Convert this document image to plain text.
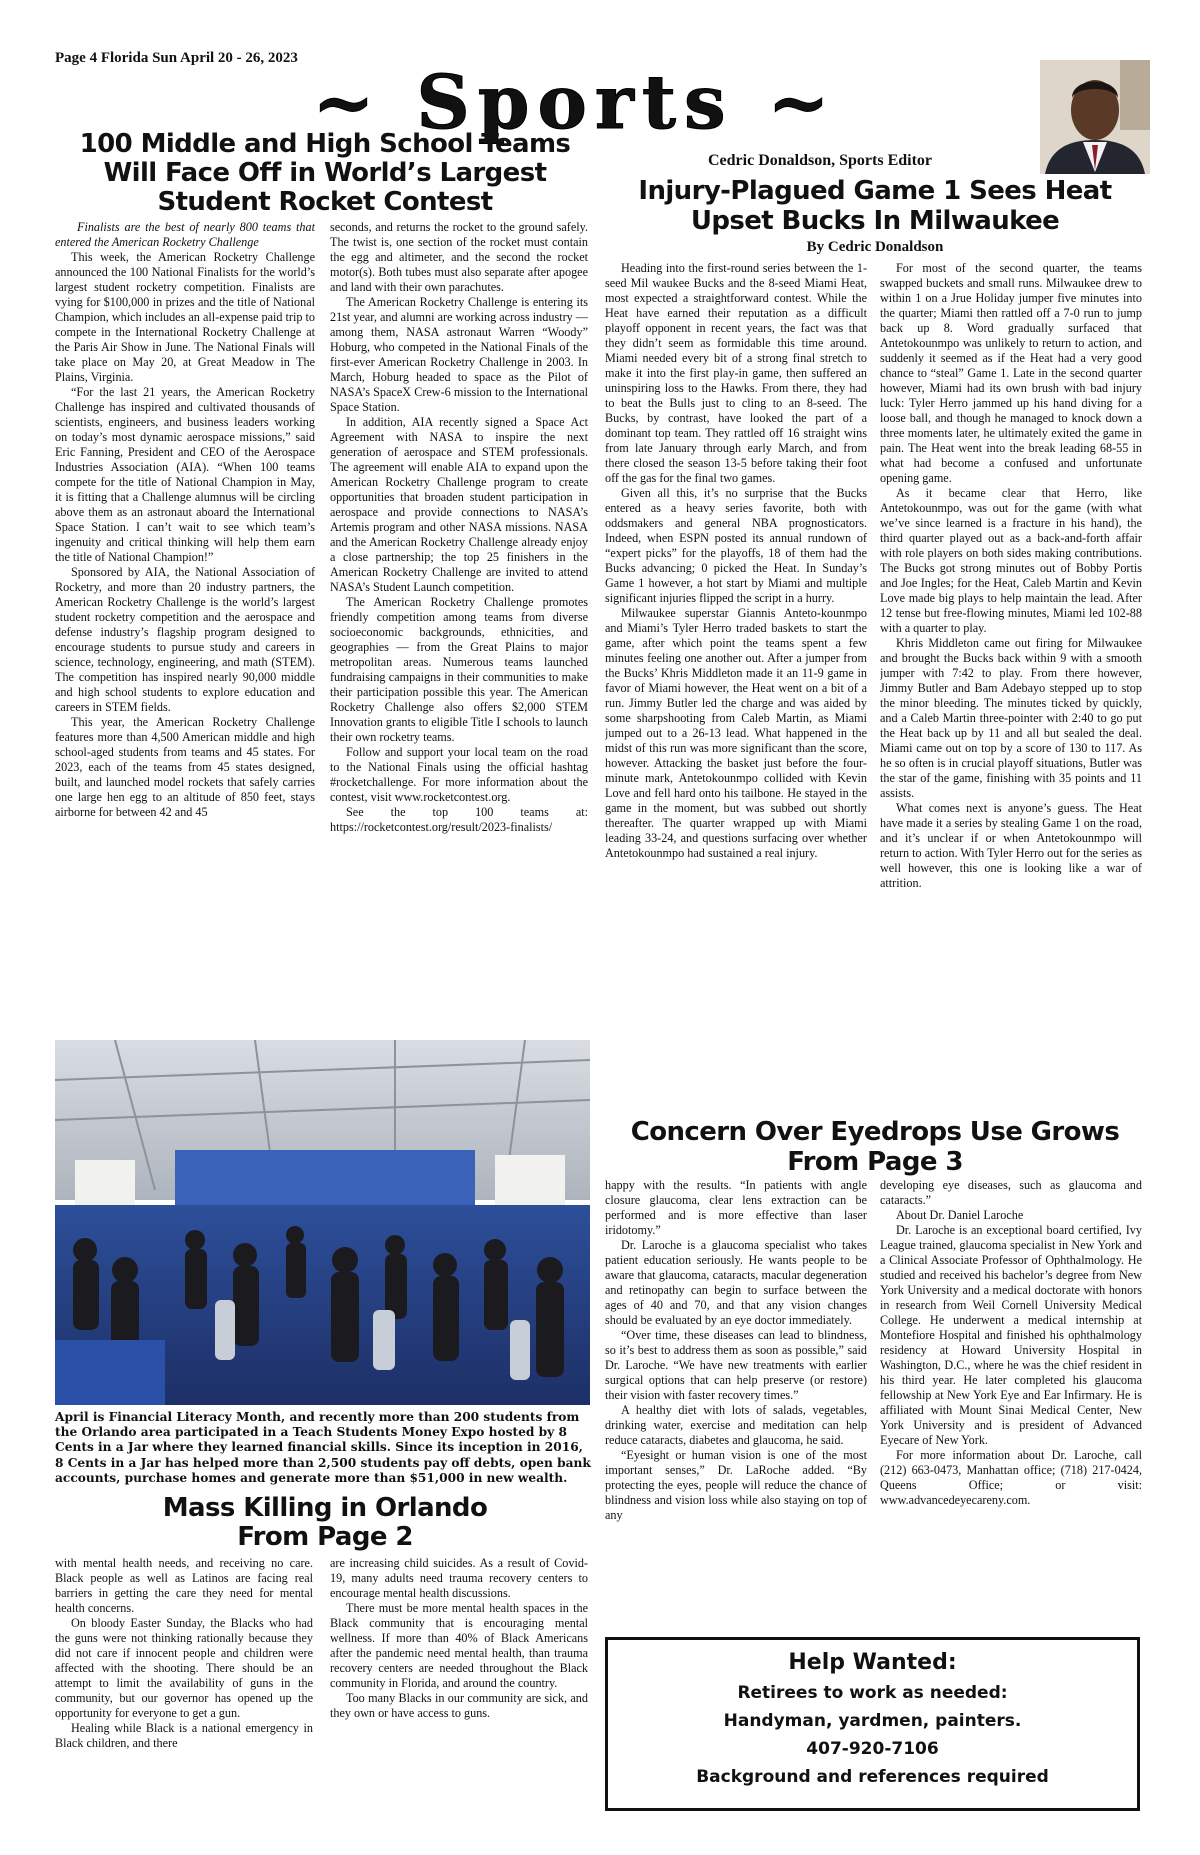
Page 4 Florida Sun April 20 - 26, 2023
~ Sports ~
Cedric Donaldson, Sports Editor
100 Middle and High School Teams
Will Face Off in World’s Largest
Student Rocket Contest

Finalists are the best of nearly 800 teams that entered the American Rocketry Challenge

This week, the American Rocketry Challenge announced the 100 National Finalists for the world’s largest student rocketry competition. Finalists are vying for $100,000 in prizes and the title of National Champion, which includes an all-expense paid trip to compete in the International Rocketry Challenge at the Paris Air Show in June. The National Finals will take place on May 20, at Great Meadow in The Plains, Virginia.

“For the last 21 years, the American Rocketry Challenge has inspired and cultivated thousands of scientists, engineers, and business leaders working on today’s most dynamic aerospace missions,” said Eric Fanning, President and CEO of the Aerospace Industries Association (AIA). “When 100 teams compete for the title of National Champion in May, it is fitting that a Challenge alumnus will be circling above them as an astronaut aboard the International Space Station. I can’t wait to see which team’s ingenuity and critical thinking will help them earn the title of National Champion!”

Sponsored by AIA, the National Association of Rocketry, and more than 20 industry partners, the American Rocketry Challenge is the world’s largest student rocketry competition and the aerospace and defense industry’s flagship program designed to encourage students to pursue study and careers in science, technology, engineering, and math (STEM). The competition has inspired nearly 90,000 middle and high school students to explore education and careers in STEM fields.

This year, the American Rocketry Challenge features more than 4,500 American middle and high school-aged students from teams and 45 states. For 2023, each of the teams from 45 states designed, built, and launched model rockets that safely carries one large hen egg to an altitude of 850 feet, stays airborne for between 42 and 45

seconds, and returns the rocket to the ground safely. The twist is, one section of the rocket must contain the egg and altimeter, and the second the rocket motor(s). Both tubes must also separate after apogee and land with their own parachutes.

The American Rocketry Challenge is entering its 21st year, and alumni are working across industry — among them, NASA astronaut Warren “Woody” Hoburg, who competed in the National Finals of the first-ever American Rocketry Challenge in 2003. In March, Hoburg headed to space as the Pilot of NASA’s SpaceX Crew-6 mission to the International Space Station.

In addition, AIA recently signed a Space Act Agreement with NASA to inspire the next generation of aerospace and STEM professionals. The agreement will enable AIA to expand upon the American Rocketry Challenge program to create opportunities that broaden student participation in aerospace and provide connections to NASA’s Artemis program and other NASA missions. NASA and the American Rocketry Challenge already enjoy a close partnership; the top 25 finishers in the American Rocketry Challenge are invited to attend NASA’s Student Launch competition.

The American Rocketry Challenge promotes friendly competition among teams from diverse socioeconomic backgrounds, ethnicities, and geographies — from the Great Plains to major metropolitan areas. Numerous teams launched fundraising campaigns in their communities to make their participation possible this year. The American Rocketry Challenge also offers $2,000 STEM Innovation grants to eligible Title I schools to launch their own rocketry teams.

Follow and support your local team on the road to the National Finals using the official hashtag #rocketchallenge. For more information about the contest, visit www.rocketcontest.org.

See the top 100 teams at: https://rocketcontest.org/result/2023-finalists/

April is Financial Literacy Month, and recently more than 200 students from the Orlando area participated in a Teach Students Money Expo hosted by 8 Cents in a Jar where they learned financial skills. Since its inception in 2016, 8 Cents in a Jar has helped more than 2,500 students pay off debts, open bank accounts, purchase homes and generate more than $51,000 in new wealth.
Mass Killing in Orlando
From Page 2

with mental health needs, and receiving no care. Black people as well as Latinos are facing real barriers in getting the care they need for mental health concerns.

On bloody Easter Sunday, the Blacks who had the guns were not thinking rationally because they did not care if innocent people and children were affected with the shooting. There should be an attempt to limit the availability of guns in the community, but our governor has opened up the opportunity for everyone to get a gun.

Healing while Black is a national emergency in Black children, and there

are increasing child suicides. As a result of Covid-19, many adults need trauma recovery centers to encourage mental health discussions.

There must be more mental health spaces in the Black community that is encouraging mental wellness. If more than 40% of Black Americans after the pandemic need mental health, than trauma recovery centers are needed throughout the Black community in Florida, and around the country.

Too many Blacks in our community are sick, and they own or have access to guns.

Injury-Plagued Game 1 Sees Heat
Upset Bucks In Milwaukee
By Cedric Donaldson

Heading into the first-round series between the 1-seed Mil waukee Bucks and the 8-seed Miami Heat, most expected a straightforward contest. While the Heat have earned their reputation as a difficult playoff opponent in recent years, the fact was that they didn’t seem as formidable this time around. Miami needed every bit of a strong final stretch to make it into the first play-in game, then suffered an uninspiring loss to the Hawks. From there, they had to beat the Bulls just to cling to an 8-seed. The Bucks, by contrast, have looked the part of a dominant top team. They rattled off 16 straight wins from late January through early March, and from there closed the season 13-5 before taking their foot off the gas for the final two games.

Given all this, it’s no surprise that the Bucks entered as a heavy series favorite, both with oddsmakers and general NBA prognosticators. Indeed, when ESPN posted its annual rundown of “expert picks” for the playoffs, 18 of them had the Bucks advancing; 0 picked the Heat. In Sunday’s Game 1 however, a hot start by Miami and multiple significant injuries flipped the script in a hurry.

Milwaukee superstar Giannis Anteto-kounmpo and Miami’s Tyler Herro traded baskets to start the game, after which point the teams spent a few minutes feeling one another out. After a jumper from the Bucks’ Khris Middleton made it an 11-9 game in favor of Miami however, the Heat went on a bit of a run. Jimmy Butler led the charge and was aided by some sharpshooting from Caleb Martin, as Miami jumped out to a 26-13 lead. What happened in the midst of this run was more significant than the score, however. Attacking the basket just before the four-minute mark, Antetokounmpo collided with Kevin Love and fell hard onto his tailbone. He stayed in the game in the moment, but was subbed out shortly thereafter. The quarter wrapped up with Miami leading 33-24, and questions surfacing over whether Antetokounmpo had sustained a real injury.

For most of the second quarter, the teams swapped buckets and small runs. Milwaukee drew to within 1 on a Jrue Holiday jumper five minutes into the quarter; Miami then rattled off a 7-0 run to jump back up 8. Word gradually surfaced that Antetokounmpo was unlikely to return to action, and suddenly it seemed as if the Heat had a very good chance to “steal” Game 1. Late in the second quarter however, Miami had its own brush with bad injury luck: Tyler Herro jammed up his hand diving for a loose ball, and though he managed to knock down a three moments later, he ultimately exited the game in pain. The Heat went into the break leading 68-55 in what had become a confused and unfortunate opening game.

As it became clear that Herro, like Antetokounmpo, was out for the game (with what we’ve since learned is a fracture in his hand), the third quarter played out as a back-and-forth affair with role players on both sides making contributions. The Bucks got strong minutes out of Bobby Portis and Joe Ingles; for the Heat, Caleb Martin and Kevin Love made big plays to help maintain the lead. After 12 tense but free-flowing minutes, Miami led 102-88 with a quarter to play.

Khris Middleton came out firing for Milwaukee and brought the Bucks back within 9 with a smooth jumper with 7:42 to play. From there however, Jimmy Butler and Bam Adebayo stepped up to stop the minor bleeding. The minutes ticked by quickly, and a Caleb Martin three-pointer with 2:40 to go put the Heat back up by 11 and all but sealed the deal. Miami came out on top by a score of 130 to 117. As he so often is in crucial playoff situations, Butler was the star of the game, finishing with 35 points and 11 assists.

What comes next is anyone’s guess. The Heat have made it a series by stealing Game 1 on the road, and it’s unclear if or when Antetokounmpo will return to action. With Tyler Herro out for the series as well however, this one is looking like a war of attrition.

Concern Over Eyedrops Use Grows
From Page 3

happy with the results. “In patients with angle closure glaucoma, clear lens extraction can be performed and is more effective than laser iridotomy.”

Dr. Laroche is a glaucoma specialist who takes patient education seriously. He wants people to be aware that glaucoma, cataracts, macular degeneration and retinopathy can begin to surface between the ages of 40 and 70, and that any vision changes should be evaluated by an eye doctor immediately.

“Over time, these diseases can lead to blindness, so it’s best to address them as soon as possible,” said Dr. Laroche. “We have new treatments with earlier surgical options that can help preserve (or restore) their vision with faster recovery times.”

A healthy diet with lots of salads, vegetables, drinking water, exercise and meditation can help reduce cataracts, diabetes and glaucoma, he said.

“Eyesight or human vision is one of the most important senses,” Dr. LaRoche added. “By protecting the eyes, people will reduce the chance of blindness and vision loss while also staying on top of any

developing eye diseases, such as glaucoma and cataracts.”

About Dr. Daniel Laroche

Dr. Laroche is an exceptional board certified, Ivy League trained, glaucoma specialist in New York and a Clinical Associate Professor of Ophthalmology. He studied and received his bachelor’s degree from New York University and a medical doctorate with honors in research from Weil Cornell University Medical College. He underwent a medical internship at Montefiore Hospital and finished his ophthalmology residency at Howard University Hospital in Washington, D.C., where he was the chief resident in his third year. He later completed his glaucoma fellowship at New York Eye and Ear Infirmary. He is affiliated with Mount Sinai Medical Center, New York University and is president of Advanced Eyecare of New York.

For more information about Dr. Laroche, call (212) 663-0473, Manhattan office; (718) 217-0424, Queens Office; or visit: www.advancedeyecareny.com.

Help Wanted:
Retirees to work as needed:
Handyman, yardmen, painters.
407-920-7106
Background and references required
